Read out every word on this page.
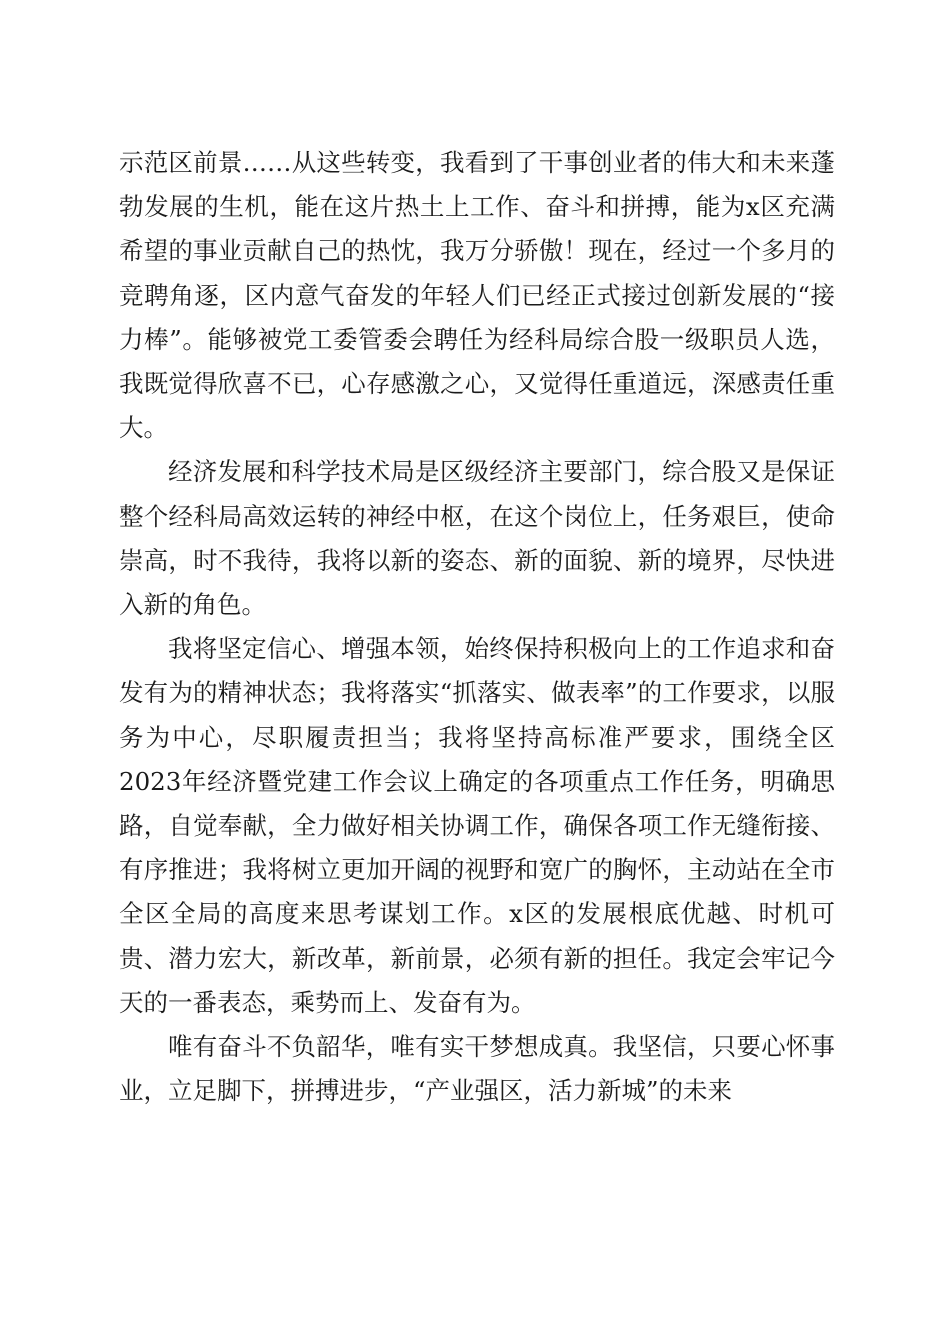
示范区前景……从这些转变，我看到了干事创业者的伟大和未来蓬勃发展的生机，能在这片热土上工作、奋斗和拼搏，能为x区充满希望的事业贡献自己的热忱，我万分骄傲！现在，经过一个多月的竞聘角逐，区内意气奋发的年轻人们已经正式接过创新发展的“接力棒”。能够被党工委管委会聘任为经科局综合股一级职员人选，我既觉得欣喜不已，心存感激之心，又觉得任重道远，深感责任重大。

经济发展和科学技术局是区级经济主要部门，综合股又是保证整个经科局高效运转的神经中枢，在这个岗位上，任务艰巨，使命崇高，时不我待，我将以新的姿态、新的面貌、新的境界，尽快进入新的角色。

我将坚定信心、增强本领，始终保持积极向上的工作追求和奋发有为的精神状态；我将落实“抓落实、做表率”的工作要求，以服务为中心，尽职履责担当；我将坚持高标准严要求，围绕全区2023年经济暨党建工作会议上确定的各项重点工作任务，明确思路，自觉奉献，全力做好相关协调工作，确保各项工作无缝衔接、有序推进；我将树立更加开阔的视野和宽广的胸怀，主动站在全市全区全局的高度来思考谋划工作。x区的发展根底优越、时机可贵、潜力宏大，新改革，新前景，必须有新的担任。我定会牢记今天的一番表态，乘势而上、发奋有为。

唯有奋斗不负韶华，唯有实干梦想成真。我坚信，只要心怀事业，立足脚下，拼搏进步，“产业强区，活力新城”的未来
